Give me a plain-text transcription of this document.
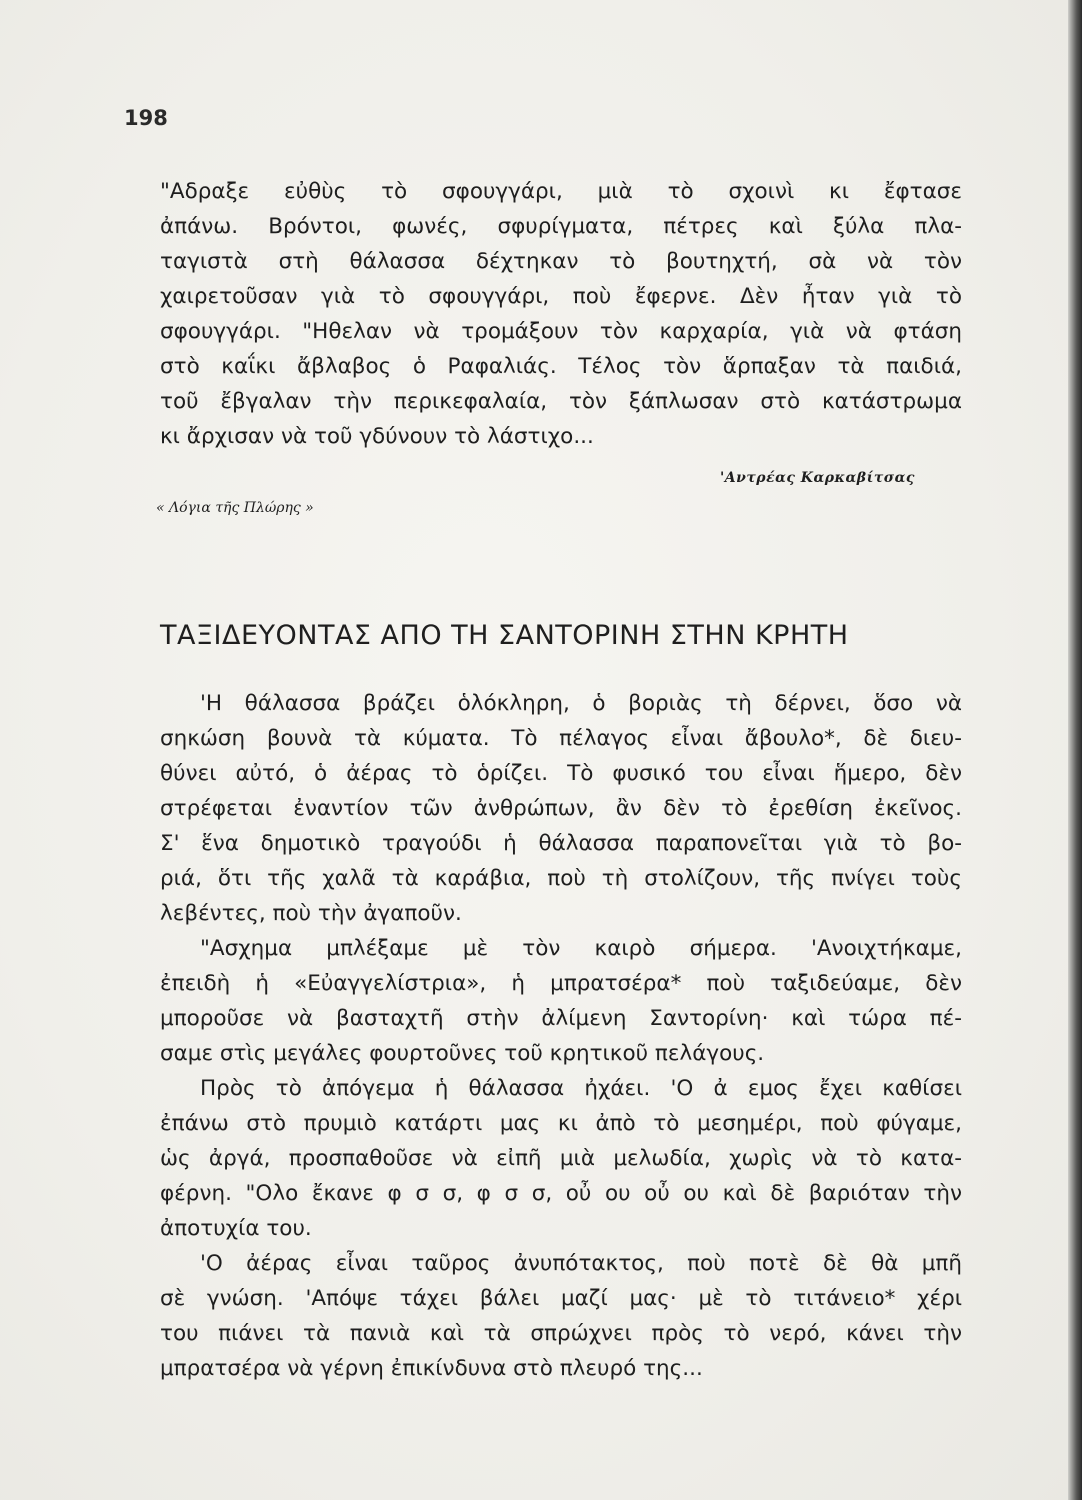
198
"Αδραξε εὐθὺς τὸ σφουγγάρι, μιὰ τὸ σχοινὶ κι ἔφτασε
ἀπάνω. Βρόντοι, φωνές, σφυρίγματα, πέτρες καὶ ξύλα πλα-
ταγιστὰ στὴ θάλασσα δέχτηκαν τὸ βουτηχτή, σὰ νὰ τὸν
χαιρετοῦσαν γιὰ τὸ σφουγγάρι, ποὺ ἔφερνε. Δὲν ἦταν γιὰ τὸ
σφουγγάρι. "Ηθελαν νὰ τρομάξουν τὸν καρχαρία, γιὰ νὰ φτάση
στὸ καΐκι ἄβλαβος ὁ Ραφαλιάς. Τέλος τὸν ἅρπαξαν τὰ παιδιά,
τοῦ ἔβγαλαν τὴν περικεφαλαία, τὸν ξάπλωσαν στὸ κατάστρωμα
κι ἄρχισαν νὰ τοῦ γδύνουν τὸ λάστιχο...
'Αντρέας Καρκαβίτσας
« Λόγια τῆς Πλώρης »
ΤΑΞΙΔΕΥΟΝΤΑΣ ΑΠΟ ΤΗ ΣΑΝΤΟΡΙΝΗ ΣΤΗΝ ΚΡΗΤΗ
'Η θάλασσα βράζει ὁλόκληρη, ὁ βοριὰς τὴ δέρνει, ὅσο νὰ
σηκώση βουνὰ τὰ κύματα. Τὸ πέλαγος εἶναι ἄβουλο*, δὲ διευ-
θύνει αὐτό, ὁ ἀέρας τὸ ὁρίζει. Τὸ φυσικό του εἶναι ἥμερο, δὲν
στρέφεται ἐναντίον τῶν ἀνθρώπων, ἂν δὲν τὸ ἐρεθίση ἐκεῖνος.
Σ' ἕνα δημοτικὸ τραγούδι ἡ θάλασσα παραπονεῖται γιὰ τὸ βο-
ριά, ὅτι τῆς χαλᾶ τὰ καράβια, ποὺ τὴ στολίζουν, τῆς πνίγει τοὺς
λεβέντες, ποὺ τὴν ἀγαποῦν.
"Ασχημα μπλέξαμε μὲ τὸν καιρὸ σήμερα. 'Ανοιχτήκαμε,
ἐπειδὴ ἡ «Εὐαγγελίστρια», ἡ μπρατσέρα* ποὺ ταξιδεύαμε, δὲν
μποροῦσε νὰ βασταχτῆ στὴν ἀλίμενη Σαντορίνη· καὶ τώρα πέ-
σαμε στὶς μεγάλες φουρτοῦνες τοῦ κρητικοῦ πελάγους.
Πρὸς τὸ ἀπόγεμα ἡ θάλασσα ἠχάει. 'Ο ἀ εμος ἔχει καθίσει
ἐπάνω στὸ πρυμιὸ κατάρτι μας κι ἀπὸ τὸ μεσημέρι, ποὺ φύγαμε,
ὡς ἀργά, προσπαθοῦσε νὰ εἰπῆ μιὰ μελωδία, χωρὶς νὰ τὸ κατα-
φέρνη. "Ολο ἔκανε φ σ σ, φ σ σ, οὖ ου οὖ ου καὶ δὲ βαριόταν τὴν
ἀποτυχία του.
'Ο ἀέρας εἶναι ταῦρος ἀνυπότακτος, ποὺ ποτὲ δὲ θὰ μπῆ
σὲ γνώση. 'Απόψε τάχει βάλει μαζί μας· μὲ τὸ τιτάνειο* χέρι
του πιάνει τὰ πανιὰ καὶ τὰ σπρώχνει πρὸς τὸ νερό, κάνει τὴν
μπρατσέρα νὰ γέρνη ἐπικίνδυνα στὸ πλευρό της...
